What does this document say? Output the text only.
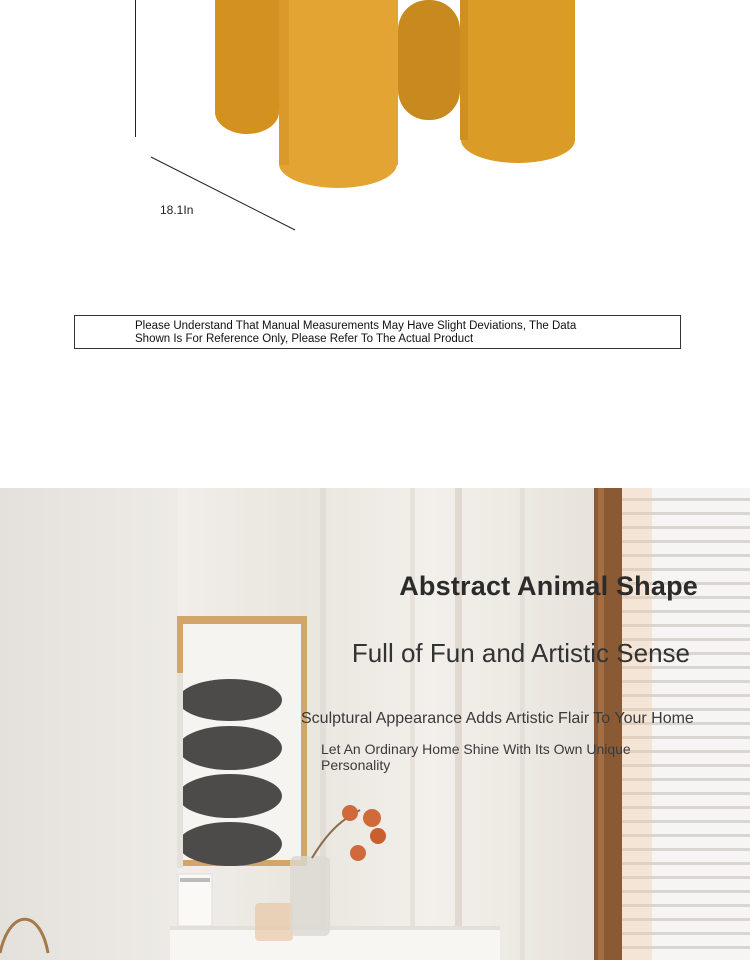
18.1In
Please Understand That Manual Measurements May Have Slight Deviations, The Data
Shown Is For Reference Only, Please Refer To The Actual Product
Abstract Animal Shape
Full of Fun and Artistic Sense
Sculptural Appearance Adds Artistic Flair To Your Home
Let An Ordinary Home Shine With Its Own Unique Personality
